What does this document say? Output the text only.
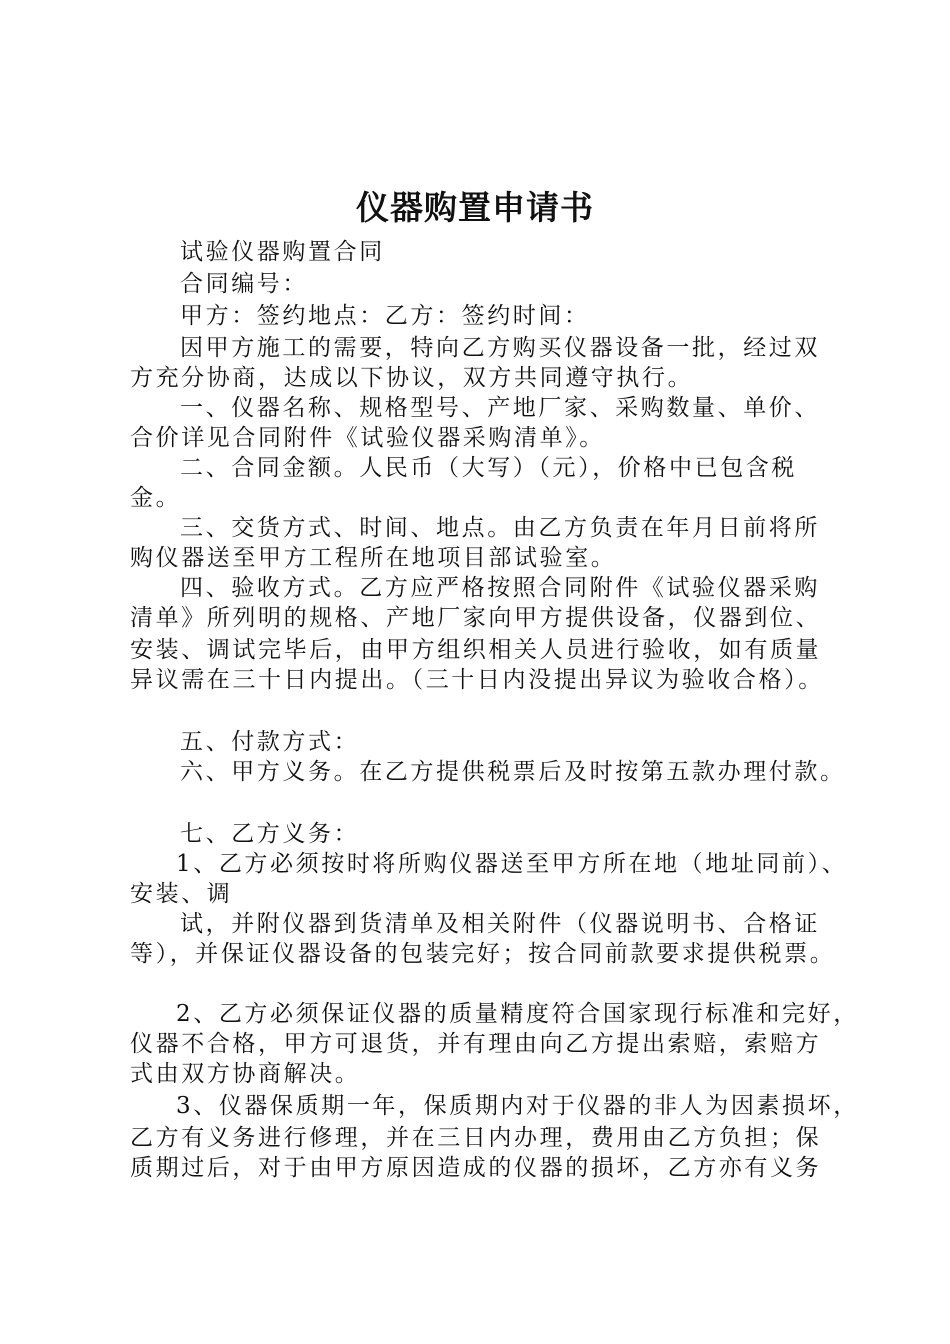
仪器购置申请书
试验仪器购置合同
合同编号：
甲方：签约地点：乙方：签约时间：
因甲方施工的需要，特向乙方购买仪器设备一批，经过双
方充分协商，达成以下协议，双方共同遵守执行。
一、仪器名称、规格型号、产地厂家、采购数量、单价、
合价详见合同附件《试验仪器采购清单》。
二、合同金额。人民币（大写）（元），价格中已包含税
金。
三、交货方式、时间、地点。由乙方负责在年月日前将所
购仪器送至甲方工程所在地项目部试验室。
四、验收方式。乙方应严格按照合同附件《试验仪器采购
清单》所列明的规格、产地厂家向甲方提供设备，仪器到位、
安装、调试完毕后，由甲方组织相关人员进行验收，如有质量
异议需在三十日内提出。（三十日内没提出异议为验收合格）。
五、付款方式：
六、甲方义务。在乙方提供税票后及时按第五款办理付款。
七、乙方义务：
1、乙方必须按时将所购仪器送至甲方所在地（地址同前）、
安装、调
试，并附仪器到货清单及相关附件（仪器说明书、合格证
等），并保证仪器设备的包装完好；按合同前款要求提供税票。
2、乙方必须保证仪器的质量精度符合国家现行标准和完好，
仪器不合格，甲方可退货，并有理由向乙方提出索赔，索赔方
式由双方协商解决。
3、仪器保质期一年，保质期内对于仪器的非人为因素损坏，
乙方有义务进行修理，并在三日内办理，费用由乙方负担；保
质期过后，对于由甲方原因造成的仪器的损坏，乙方亦有义务
